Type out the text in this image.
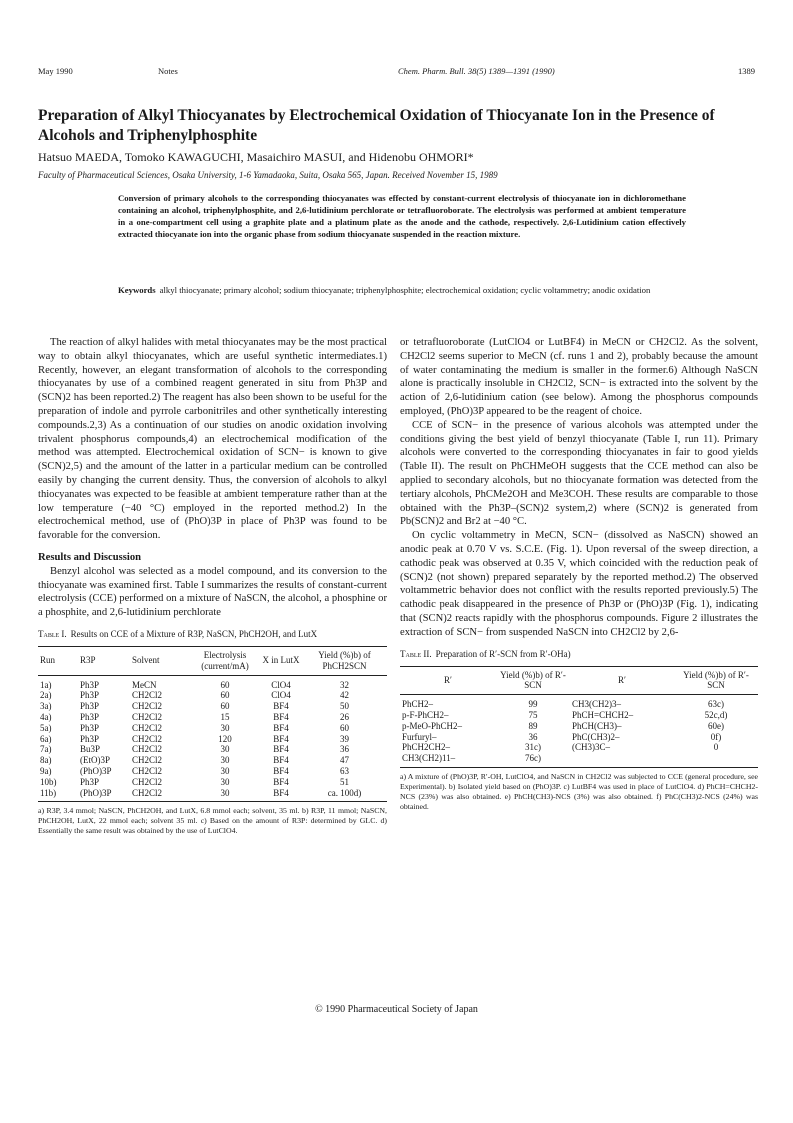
May 1990	Notes	Chem. Pharm. Bull. 38(5) 1389—1391 (1990)	1389
Preparation of Alkyl Thiocyanates by Electrochemical Oxidation of Thiocyanate Ion in the Presence of Alcohols and Triphenylphosphite
Hatsuo MAEDA, Tomoko KAWAGUCHI, Masaichiro MASUI, and Hidenobu OHMORI*
Faculty of Pharmaceutical Sciences, Osaka University, 1-6 Yamadaoka, Suita, Osaka 565, Japan. Received November 15, 1989
Conversion of primary alcohols to the corresponding thiocyanates was effected by constant-current electrolysis of thiocyanate ion in dichloromethane containing an alcohol, triphenylphosphite, and 2,6-lutidinium perchlorate or tetrafluoroborate. The electrolysis was performed at ambient temperature in a one-compartment cell using a graphite plate and a platinum plate as the anode and the cathode, respectively. 2,6-Lutidinium cation effectively extracted thiocyanate ion into the organic phase from sodium thiocyanate suspended in the reaction mixture.
Keywords alkyl thiocyanate; primary alcohol; sodium thiocyanate; triphenylphosphite; electrochemical oxidation; cyclic voltammetry; anodic oxidation

The reaction of alkyl halides with metal thiocyanates may be the most practical way to obtain alkyl thiocyanates, which are useful synthetic intermediates.1) Recently, however, an elegant transformation of alcohols to the corresponding thiocyanates by use of a combined reagent generated in situ from Ph3P and (SCN)2 has been reported.2) The reagent has also been shown to be useful for the preparation of indole and pyrrole carbonitriles and other synthetically interesting compounds.2,3) As a continuation of our studies on anodic oxidation involving trivalent phosphorus compounds,4) an electrochemical modification of the method was attempted. Electrochemical oxidation of SCN− is known to give (SCN)2,5) and the amount of the latter in a particular medium can be controlled easily by changing the current density. Thus, the conversion of alcohols to alkyl thiocyanates was expected to be feasible at ambient temperature rather than at the low temperature (−40 °C) employed in the reported method.2) In the electrochemical method, use of (PhO)3P in place of Ph3P was found to be favorable for the conversion.

Results and Discussion

Benzyl alcohol was selected as a model compound, and its conversion to the thiocyanate was examined first. Table I summarizes the results of constant-current electrolysis (CCE) performed on a mixture of NaSCN, the alcohol, a phosphine or a phosphite, and 2,6-lutidinium perchlorate

Table I. Results on CCE of a Mixture of R3P, NaSCN, PhCH2OH, and LutX
Run	R3P	Solvent	Electrolysis (current/mA)	X in LutX	Yield (%)b) of PhCH2SCN
1a)	Ph3P	MeCN	60	ClO4	32
2a)	Ph3P	CH2Cl2	60	ClO4	42
3a)	Ph3P	CH2Cl2	60	BF4	50
4a)	Ph3P	CH2Cl2	15	BF4	26
5a)	Ph3P	CH2Cl2	30	BF4	60
6a)	Ph3P	CH2Cl2	120	BF4	39
7a)	Bu3P	CH2Cl2	30	BF4	36
8a)	(EtO)3P	CH2Cl2	30	BF4	47
9a)	(PhO)3P	CH2Cl2	30	BF4	63
10b)	Ph3P	CH2Cl2	30	BF4	51
11b)	(PhO)3P	CH2Cl2	30	BF4	ca. 100d)
a) R3P, 3.4 mmol; NaSCN, PhCH2OH, and LutX, 6.8 mmol each; solvent, 35 ml. b) R3P, 11 mmol; NaSCN, PhCH2OH, LutX, 22 mmol each; solvent 35 ml. c) Based on the amount of R3P: determined by GLC. d) Essentially the same result was obtained by the use of LutClO4.

or tetrafluoroborate (LutClO4 or LutBF4) in MeCN or CH2Cl2. As the solvent, CH2Cl2 seems superior to MeCN (cf. runs 1 and 2), probably because the amount of water contaminating the medium is smaller in the former.6) Although NaSCN alone is practically insoluble in CH2Cl2, SCN− is extracted into the solvent by the action of 2,6-lutidinium cation (see below). Among the phosphorus compounds employed, (PhO)3P appeared to be the reagent of choice.

CCE of SCN− in the presence of various alcohols was attempted under the conditions giving the best yield of benzyl thiocyanate (Table I, run 11). Primary alcohols were converted to the corresponding thiocyanates in fair to good yields (Table II). The result on PhCHMeOH suggests that the CCE method can also be applied to secondary alcohols, but no thiocyanate formation was detected from the tertiary alcohols, PhCMe2OH and Me3COH. These results are comparable to those obtained with the Ph3P–(SCN)2 system,2) where (SCN)2 is generated from Pb(SCN)2 and Br2 at −40 °C.

On cyclic voltammetry in MeCN, SCN− (dissolved as NaSCN) showed an anodic peak at 0.70 V vs. S.C.E. (Fig. 1). Upon reversal of the sweep direction, a cathodic peak was observed at 0.35 V, which coincided with the reduction peak of (SCN)2 (not shown) prepared separately by the reported method.2) The observed voltammetric behavior does not conflict with the results reported previously.5) The cathodic peak disappeared in the presence of Ph3P or (PhO)3P (Fig. 1), indicating that (SCN)2 reacts rapidly with the phosphorus compounds. Figure 2 illustrates the extraction of SCN− from suspended NaSCN into CH2Cl2 by 2,6-

Table II. Preparation of R′-SCN from R′-OHa)
R′	Yield (%)b) of R′-SCN	R′	Yield (%)b) of R′-SCN
PhCH2–	99	CH3(CH2)3–	63c)
p-F-PhCH2–	75	PhCH=CHCH2–	52c,d)
p-MeO-PhCH2–	89	PhCH(CH3)–	60e)
Furfuryl–	36	PhC(CH3)2–	0f)
PhCH2CH2–	31c)	(CH3)3C–	0
CH3(CH2)11–	76c)		
a) A mixture of (PhO)3P, R′-OH, LutClO4, and NaSCN in CH2Cl2 was subjected to CCE (general procedure, see Experimental). b) Isolated yield based on (PhO)3P. c) LutBF4 was used in place of LutClO4. d) PhCH=CHCH2-NCS (23%) was also obtained. e) PhCH(CH3)-NCS (3%) was also obtained. f) PhC(CH3)2-NCS (24%) was obtained.
© 1990 Pharmaceutical Society of Japan
